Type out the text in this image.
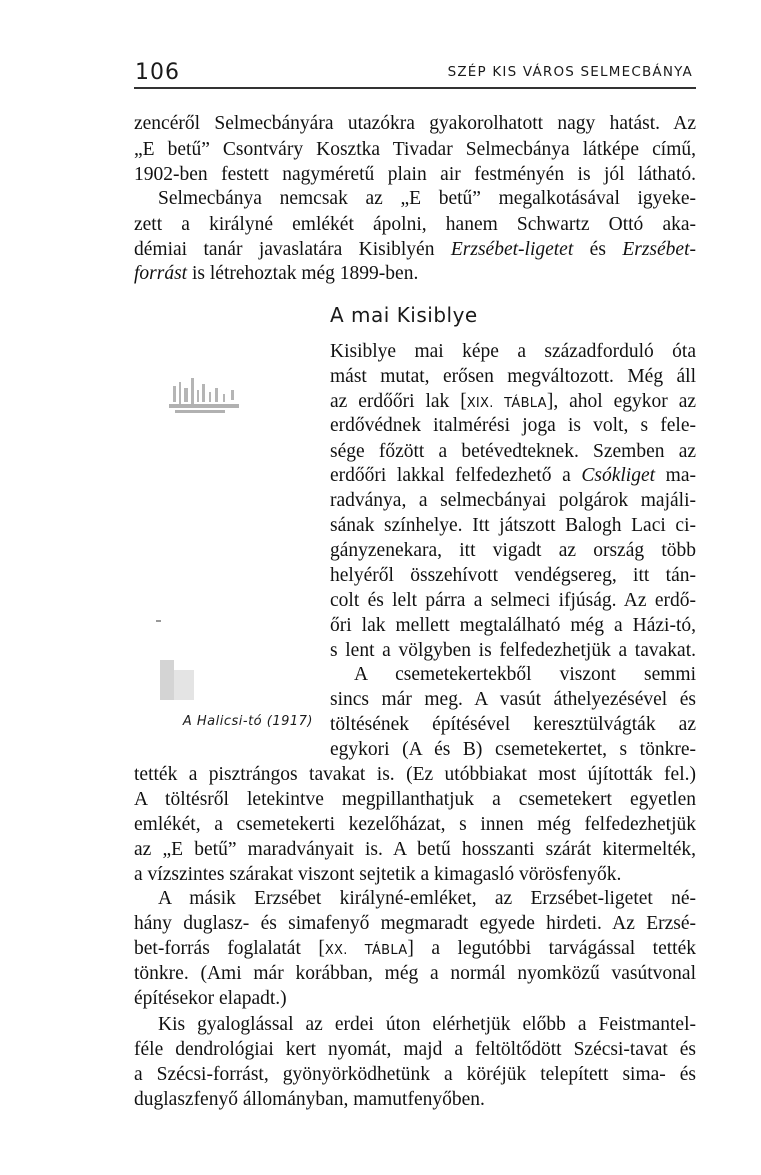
106	SZÉP KIS VÁROS SELMECBÁNYA
zencéről Selmecbányára utazókra gyakorolhatott nagy hatást. Az
„E betű” Csontváry Kosztka Tivadar Selmecbánya látképe című,
1902-ben festett nagyméretű plain air festményén is jól látható.
Selmecbánya nemcsak az „E betű” megalkotásával igyeke-
zett a királyné emlékét ápolni, hanem Schwartz Ottó aka-
démiai tanár javaslatára Kisiblyén Erzsébet-ligetet és Erzsébet-
forrást is létrehoztak még 1899-ben.
A mai Kisiblye
Kisiblye mai képe a századforduló óta
mást mutat, erősen megváltozott. Még áll
az erdőőri lak [XIX. TÁBLA], ahol egykor az
erdővédnek italmérési joga is volt, s fele-
sége főzött a betévedteknek. Szemben az
erdőőri lakkal felfedezhető a Csókliget ma-
radványa, a selmecbányai polgárok majáli-
sának színhelye. Itt játszott Balogh Laci ci-
gányzenekara, itt vigadt az ország több
helyéről összehívott vendégsereg, itt tán-
colt és lelt párra a selmeci ifjúság. Az erdő-
őri lak mellett megtalálható még a Házi-tó,
s lent a völgyben is felfedezhetjük a tavakat.
A csemetekertekből viszont semmi
sincs már meg. A vasút áthelyezésével és
töltésének építésével keresztülvágták az
egykori (A és B) csemetekertet, s tönkre-
tették a pisztrángos tavakat is. (Ez utóbbiakat most újították fel.)
A töltésről letekintve megpillanthatjuk a csemetekert egyetlen
emlékét, a csemetekerti kezelőházat, s innen még felfedezhetjük
az „E betű” maradványait is. A betű hosszanti szárát kitermelték,
a vízszintes szárakat viszont sejtetik a kimagasló vörösfenyők.
A Halicsi-tó (1917)
A másik Erzsébet királyné-emléket, az Erzsébet-ligetet né-
hány duglasz- és simafenyő megmaradt egyede hirdeti. Az Erzsé-
bet-forrás foglalatát [XX. TÁBLA] a legutóbbi tarvágással tették
tönkre. (Ami már korábban, még a normál nyomközű vasútvonal
építésekor elapadt.)
Kis gyaloglással az erdei úton elérhetjük előbb a Feistmantel-
féle dendrológiai kert nyomát, majd a feltöltődött Szécsi-tavat és
a Szécsi-forrást, gyönyörködhetünk a köréjük telepített sima- és
duglaszfenyő állományban, mamutfenyőben.
